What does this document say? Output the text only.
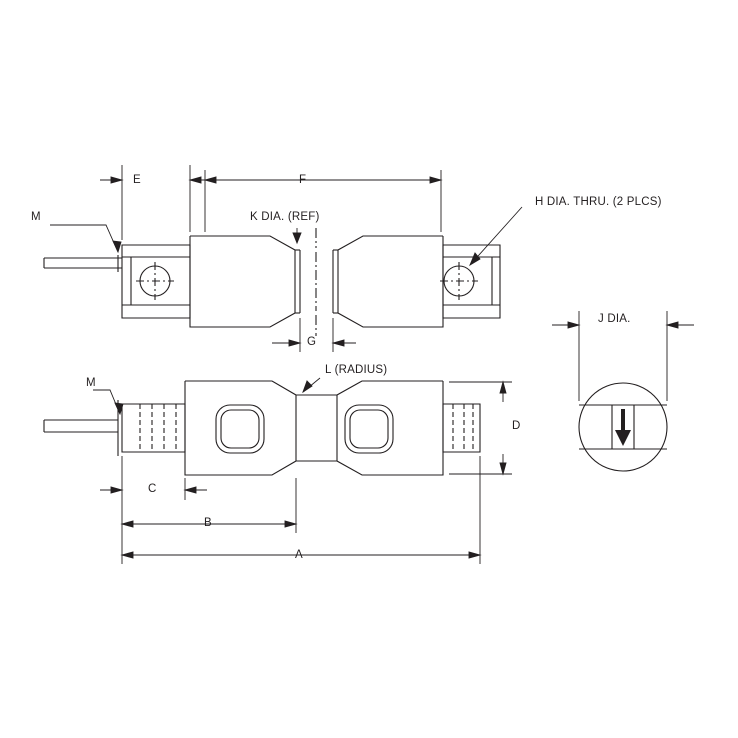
E	F
M	K DIA. (REF)
H DIA. THRU. (2 PLCS)
G
M
L (RADIUS)
J DIA.
D
C
B
A
